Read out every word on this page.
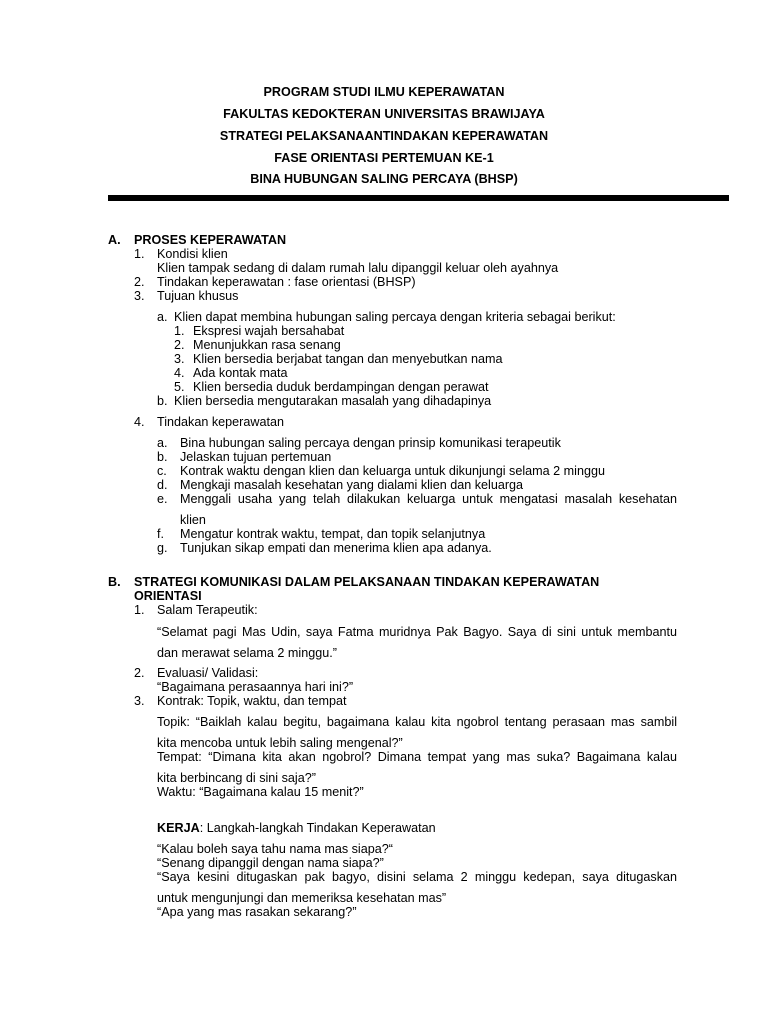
PROGRAM STUDI ILMU KEPERAWATAN
FAKULTAS KEDOKTERAN UNIVERSITAS BRAWIJAYA
STRATEGI PELAKSANAANTINDAKAN KEPERAWATAN
FASE ORIENTASI PERTEMUAN KE-1
BINA HUBUNGAN SALING PERCAYA (BHSP)
A. PROSES KEPERAWATAN
1. Kondisi klien
Klien tampak sedang di dalam rumah lalu dipanggil keluar oleh ayahnya
2. Tindakan keperawatan : fase orientasi (BHSP)
3. Tujuan khusus
a. Klien dapat membina hubungan saling percaya dengan kriteria sebagai berikut:
1. Ekspresi wajah bersahabat
2. Menunjukkan rasa senang
3. Klien bersedia berjabat tangan dan menyebutkan nama
4. Ada kontak mata
5. Klien bersedia duduk berdampingan dengan perawat
b. Klien bersedia mengutarakan masalah yang dihadapinya
4. Tindakan keperawatan
a. Bina hubungan saling percaya dengan prinsip komunikasi terapeutik
b. Jelaskan tujuan pertemuan
c. Kontrak waktu dengan klien dan keluarga untuk dikunjungi selama 2 minggu
d. Mengkaji masalah kesehatan yang dialami klien dan keluarga
e. Menggali usaha yang telah dilakukan keluarga untuk mengatasi masalah kesehatan
klien
f. Mengatur kontrak waktu, tempat, dan topik selanjutnya
g. Tunjukan sikap empati dan menerima klien apa adanya.
B. STRATEGI KOMUNIKASI DALAM PELAKSANAAN TINDAKAN KEPERAWATAN
ORIENTASI
1. Salam Terapeutik:
“Selamat pagi Mas Udin, saya Fatma muridnya Pak Bagyo. Saya di sini untuk membantu
dan merawat selama 2 minggu.”
2. Evaluasi/ Validasi:
“Bagaimana perasaannya hari ini?”
3. Kontrak: Topik, waktu, dan tempat
Topik: “Baiklah kalau begitu, bagaimana kalau kita ngobrol tentang perasaan mas sambil
kita mencoba untuk lebih saling mengenal?”
Tempat: “Dimana kita akan ngobrol? Dimana tempat yang mas suka? Bagaimana kalau
kita berbincang di sini saja?”
Waktu: “Bagaimana kalau 15 menit?”
KERJA: Langkah-langkah Tindakan Keperawatan
“Kalau boleh saya tahu nama mas siapa?“
“Senang dipanggil dengan nama siapa?”
“Saya kesini ditugaskan pak bagyo, disini selama 2 minggu kedepan, saya ditugaskan
untuk mengunjungi dan memeriksa kesehatan mas”
“Apa yang mas rasakan sekarang?”
